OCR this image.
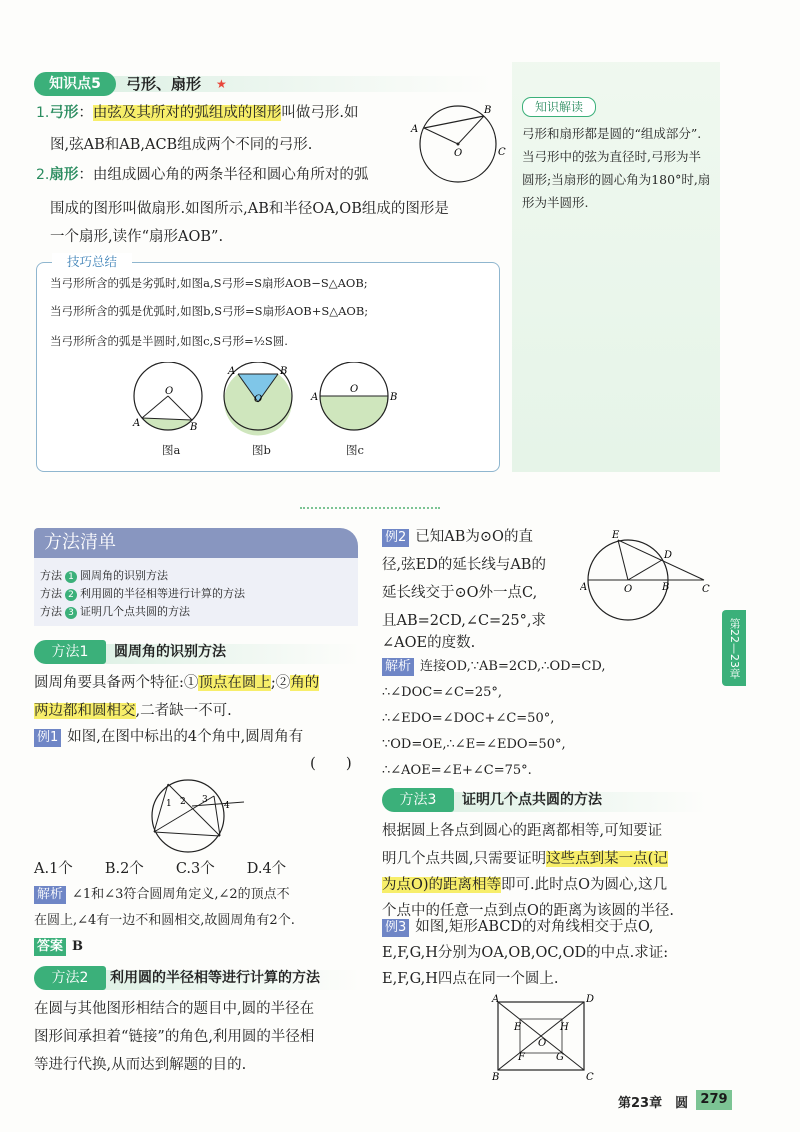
知识点5	弓形、扇形 ★
知识解读
弓形和扇形都是圆的“组成部分”.当弓形中的弦为直径时,弓形为半圆形;当扇形的圆心角为180°时,扇形为半圆形.
1.弓形：由弦及其所对的弧组成的图形叫做弓形.如
图,弦AB和AB,ACB组成两个不同的弓形.
A
B
O	C
2.扇形：由组成圆心角的两条半径和圆心角所对的弧
围成的图形叫做扇形.如图所示,AB和半径OA,OB组成的图形是
一个扇形,读作“扇形AOB”.
技巧总结
当弓形所含的弧是劣弧时,如图a,S弓形=S扇形AOB−S△AOB;
当弓形所含的弧是优弧时,如图b,S弓形=S扇形AOB+S△AOB;
当弓形所含的弧是半圆时,如图c,S弓形=½S圆.
O
A	B
O
A	B
O
A	B
图a	图b	图c
方法清单
方法 1 圆周角的识别方法
方法 2 利用圆的半径相等进行计算的方法
方法 3 证明几个点共圆的方法
方法1	圆周角的识别方法
圆周角要具备两个特征:①顶点在圆上;②角的
两边都和圆相交,二者缺一不可.
例1 如图,在图中标出的4个角中,圆周角有
(　　)
1 2 3
4
A.1个 B.2个 C.3个 D.4个
解析 ∠1和∠3符合圆周角定义,∠2的顶点不
在圆上,∠4有一边不和圆相交,故圆周角有2个.
答案 B
方法2	利用圆的半径相等进行计算的方法
在圆与其他图形相结合的题目中,圆的半径在
图形间承担着“链接”的角色,利用圆的半径相
等进行代换,从而达到解题的目的.
例2 已知AB为⊙O的直
径,弦ED的延长线与AB的
延长线交于⊙O外一点C,
且AB=2CD,∠C=25°,求
∠AOE的度数.
A	B
O
E
D
C
解析 连接OD,∵AB=2CD,∴OD=CD,
∴∠DOC=∠C=25°,
∴∠EDO=∠DOC+∠C=50°,
∵OD=OE,∴∠E=∠EDO=50°,
∴∠AOE=∠E+∠C=75°.
方法3	证明几个点共圆的方法
根据圆上各点到圆心的距离都相等,可知要证
明几个点共圆,只需要证明这些点到某一点(记
为点O)的距离相等即可.此时点O为圆心,这几
个点中的任意一点到点O的距离为该圆的半径.
例3 如图,矩形ABCD的对角线相交于点O,
E,F,G,H分别为OA,OB,OC,OD的中点.求证:
E,F,G,H四点在同一个圆上.
A	D
B	C
E	H
O
F	G
第22—23章
第23章　圆 279
